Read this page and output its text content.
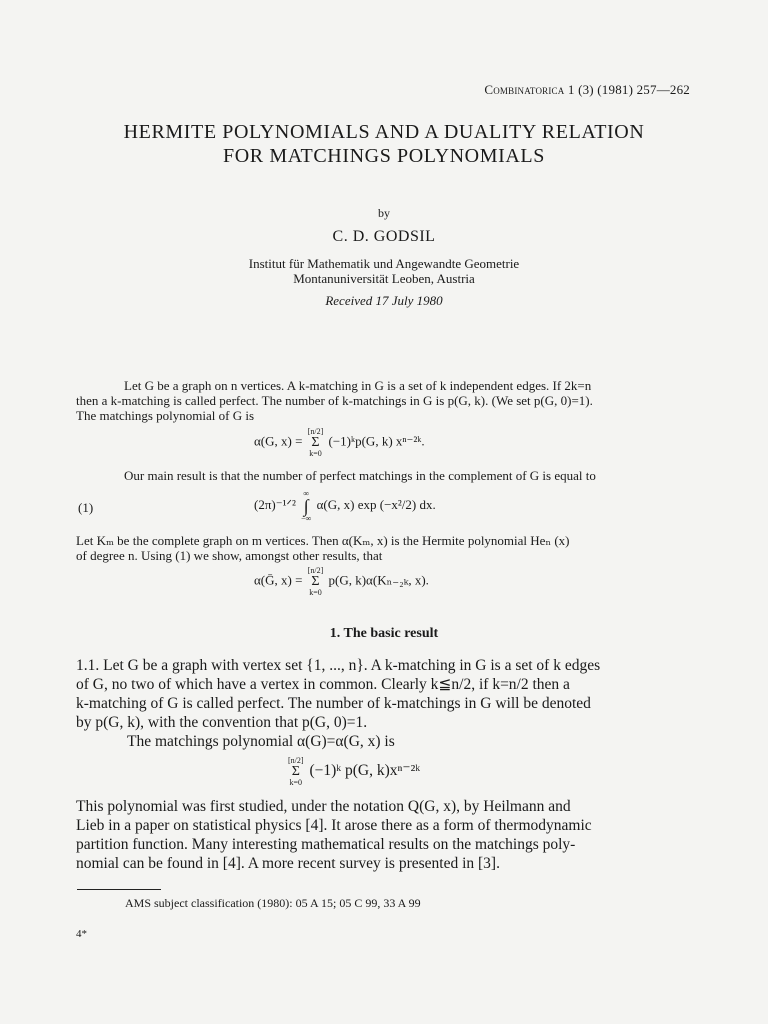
Combinatorica 1 (3) (1981) 257—262
HERMITE POLYNOMIALS AND A DUALITY RELATION
FOR MATCHINGS POLYNOMIALS
by
C. D. GODSIL
Institut für Mathematik und Angewandte Geometrie
Montanuniversität Leoben, Austria
Received 17 July 1980
Let G be a graph on n vertices. A k-matching in G is a set of k independent edges. If 2k=n
then a k-matching is called perfect. The number of k-matchings in G is p(G, k). (We set p(G, 0)=1).
The matchings polynomial of G is
α(G, x) =
[n/2]
Σ
k=0
(−1)ᵏp(G, k) xⁿ⁻²ᵏ.
Our main result is that the number of perfect matchings in the complement of G is equal to
(1)	(2π)⁻¹ᐟ²
∞
∫
−∞
α(G, x) exp (−x²/2) dx.
Let Kₘ be the complete graph on m vertices. Then α(Kₘ, x) is the Hermite polynomial Heₙ (x)
of degree n. Using (1) we show, amongst other results, that
α(Ḡ, x) =
[n/2]
Σ
k=0
p(G, k)α(Kₙ₋₂ₖ, x).
1. The basic result
1.1. Let G be a graph with vertex set {1, ..., n}. A k-matching in G is a set of k edges
of G, no two of which have a vertex in common. Clearly k≦n/2, if k=n/2 then a
k-matching of G is called perfect. The number of k-matchings in G will be denoted
by p(G, k), with the convention that p(G, 0)=1.
The matchings polynomial α(G)=α(G, x) is
[n/2]
Σ
k=0
(−1)ᵏ p(G, k)xⁿ⁻²ᵏ
This polynomial was first studied, under the notation Q(G, x), by Heilmann and
Lieb in a paper on statistical physics [4]. It arose there as a form of thermodynamic
partition function. Many interesting mathematical results on the matchings poly-
nomial can be found in [4]. A more recent survey is presented in [3].
AMS subject classification (1980): 05 A 15; 05 C 99, 33 A 99
4*
